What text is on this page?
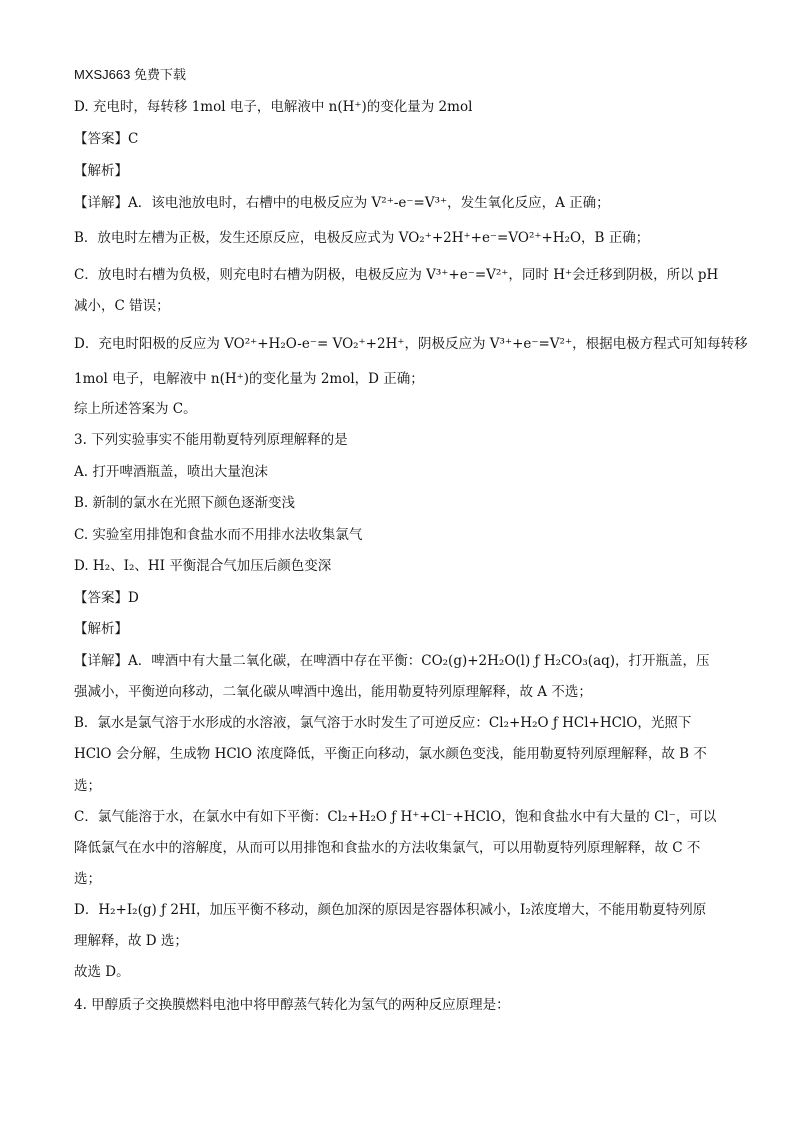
MXSJ663 免费下载
D. 充电时，每转移 1mol 电子，电解液中 n(H⁺)的变化量为 2mol
【答案】C
【解析】
【详解】A．该电池放电时，右槽中的电极反应为 V²⁺-e⁻=V³⁺，发生氧化反应，A 正确；
B．放电时左槽为正极，发生还原反应，电极反应式为 VO₂⁺+2H⁺+e⁻=VO²⁺+H₂O，B 正确；
C．放电时右槽为负极，则充电时右槽为阴极，电极反应为 V³⁺+e⁻=V²⁺，同时 H⁺会迁移到阴极，所以 pH
减小，C 错误；
D．充电时阳极的反应为 VO²⁺+H₂O-e⁻= VO₂⁺+2H⁺，阴极反应为 V³⁺+e⁻=V²⁺，根据电极方程式可知每转移
1mol 电子，电解液中 n(H⁺)的变化量为 2mol，D 正确；
综上所述答案为 C。
3. 下列实验事实不能用勒夏特列原理解释的是
A. 打开啤酒瓶盖，喷出大量泡沫
B. 新制的氯水在光照下颜色逐渐变浅
C. 实验室用排饱和食盐水而不用排水法收集氯气
D. H₂、I₂、HI 平衡混合气加压后颜色变深
【答案】D
【解析】
【详解】A．啤酒中有大量二氧化碳，在啤酒中存在平衡：CO₂(g)+2H₂O(l) ƒ H₂CO₃(aq)，打开瓶盖，压
强减小，平衡逆向移动，二氧化碳从啤酒中逸出，能用勒夏特列原理解释，故 A 不选；
B．氯水是氯气溶于水形成的水溶液，氯气溶于水时发生了可逆反应：Cl₂+H₂O ƒ HCl+HClO，光照下
HClO 会分解，生成物 HClO 浓度降低，平衡正向移动，氯水颜色变浅，能用勒夏特列原理解释，故 B 不
选；
C．氯气能溶于水，在氯水中有如下平衡：Cl₂+H₂O ƒ H⁺+Cl⁻+HClO，饱和食盐水中有大量的 Cl⁻，可以
降低氯气在水中的溶解度，从而可以用排饱和食盐水的方法收集氯气，可以用勒夏特列原理解释，故 C 不
选；
D．H₂+I₂(g) ƒ 2HI，加压平衡不移动，颜色加深的原因是容器体积减小，I₂浓度增大，不能用勒夏特列原
理解释，故 D 选；
故选 D。
4. 甲醇质子交换膜燃料电池中将甲醇蒸气转化为氢气的两种反应原理是：
